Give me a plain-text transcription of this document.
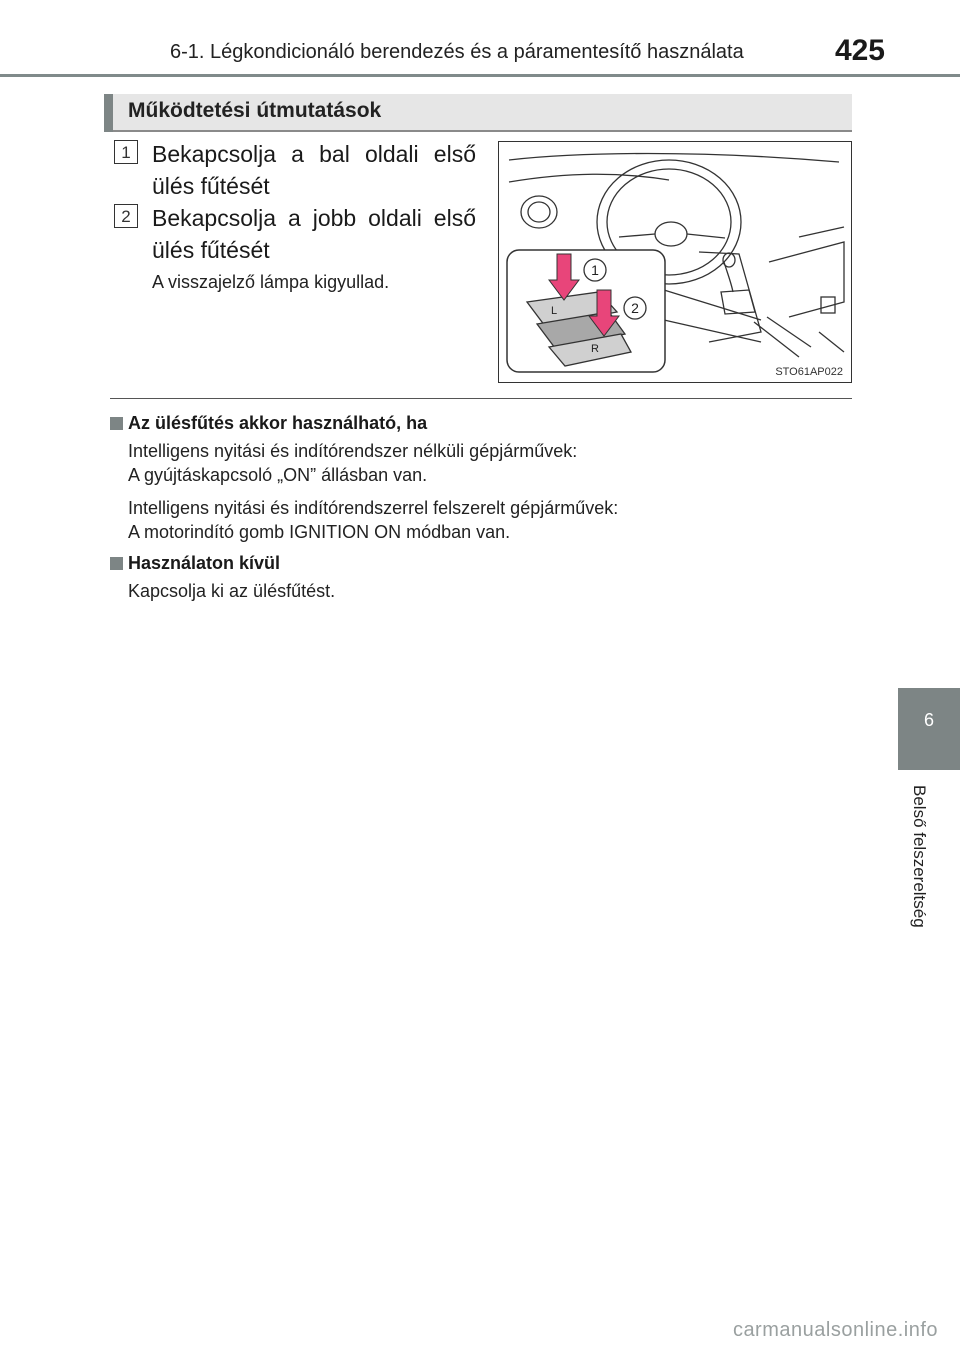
6-1. Légkondicionáló berendezés és a páramentesítő használata	425
Működtetési útmutatások
1 Bekapcsolja a bal oldali első ülés fűtését
2 Bekapcsolja a jobb oldali első ülés fűtését
A visszajelző lámpa kigyullad.
L
R
1
2
STO61AP022
Az ülésfűtés akkor használható, ha
Intelligens nyitási és indítórendszer nélküli gépjárművek:
A gyújtáskapcsoló „ON” állásban van.
Intelligens nyitási és indítórendszerrel felszerelt gépjárművek:
A motorindító gomb IGNITION ON módban van.
Használaton kívül
Kapcsolja ki az ülésfűtést.
6
Belső felszereltség
carmanualsonline.info
